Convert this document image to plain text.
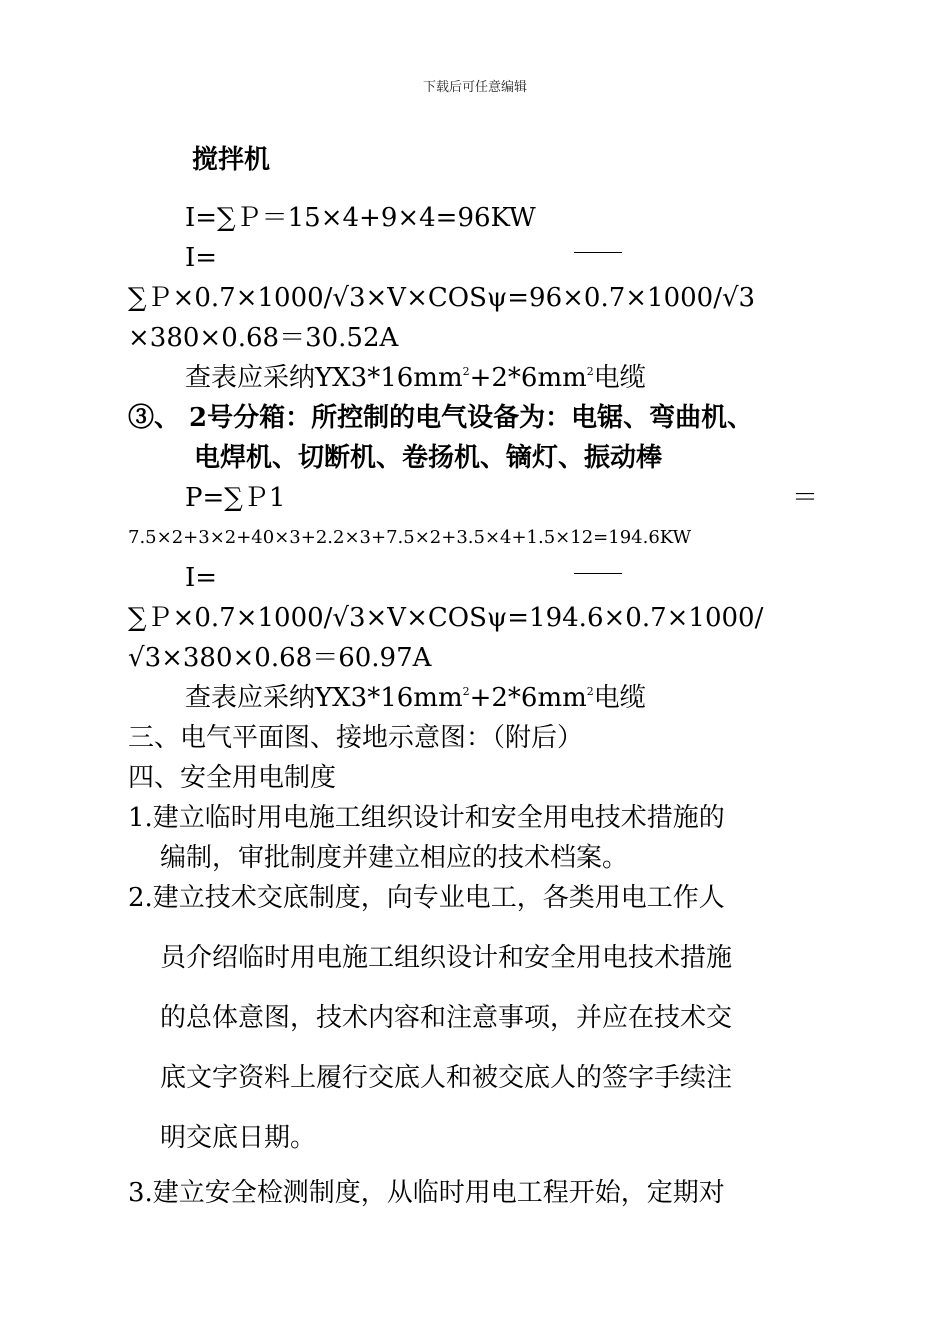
下载后可任意编辑
搅拌机
I=∑Ｐ＝15×4+9×4=96KW
I=
∑Ｐ×0.7×1000/√3×V×COSψ=96×0.7×1000/√3
×380×0.68＝30.52A
查表应采纳$YX3*16mm^2+2*6mm^2$电缆
③、 2号分箱：所控制的电气设备为：电锯、弯曲机、
电焊机、切断机、卷扬机、镝灯、振动棒
P=∑Ｐ1	＝
7.5×2+3×2+40×3+2.2×3+7.5×2+3.5×4+1.5×12=194.6KW
I=
∑Ｐ×0.7×1000/√3×V×COSψ=194.6×0.7×1000/
√3×380×0.68＝60.97A
查表应采纳$YX3*16mm^2+2*6mm^2$电缆
三、电气平面图、接地示意图：（附后）
四、安全用电制度
1.建立临时用电施工组织设计和安全用电技术措施的
编制，审批制度并建立相应的技术档案。
2.建立技术交底制度，向专业电工，各类用电工作人
员介绍临时用电施工组织设计和安全用电技术措施
的总体意图，技术内容和注意事项，并应在技术交
底文字资料上履行交底人和被交底人的签字手续注
明交底日期。
3.建立安全检测制度，从临时用电工程开始，定期对
